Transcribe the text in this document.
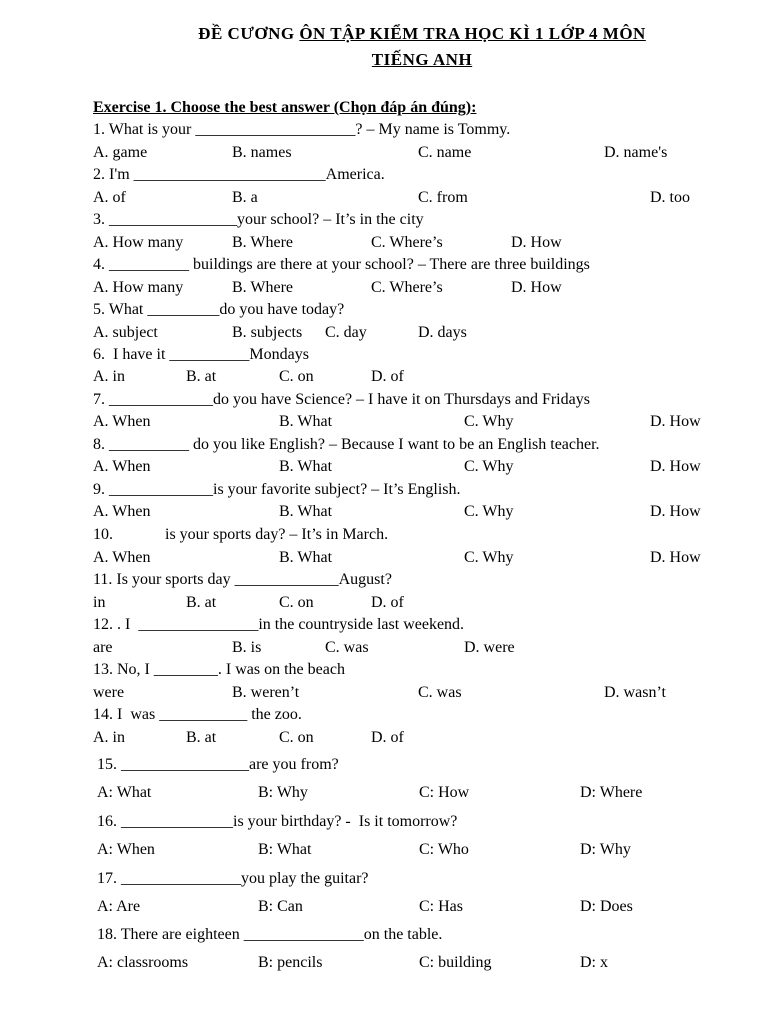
ĐỀ CƯƠNG ÔN TẬP KIỂM TRA HỌC KÌ 1 LỚP 4 MÔN
TIẾNG ANH
Exercise 1. Choose the best answer (Chọn đáp án đúng):
1. What is your ____________________? – My name is Tommy.
A. game	B. names	C. name	D. name's
2. I'm ________________________America.
A. of	B. a	C. from	D. too
3. ________________your school? – It’s in the city
A. How many	B. Where	C. Where’s	D. How
4. __________ buildings are there at your school? – There are three buildings
A. How many	B. Where	C. Where’s	D. How
5. What _________do you have today?
A. subject	B. subjects C. day	D. days
6.  I have it __________Mondays
A. in	B. at	C. on	D. of
7. _____________do you have Science? – I have it on Thursdays and Fridays
A. When	B. What	C. Why	D. How
8. __________ do you like English? – Because I want to be an English teacher.
A. When	B. What	C. Why	D. How
9. _____________is your favorite subject? – It’s English.
A. When	B. What	C. Why	D. How
10.             is your sports day? – It’s in March.
A. When	B. What	C. Why	D. How
11. Is your sports day _____________August?
in	B. at	C. on	D. of
12. . I  _______________in the countryside last weekend.
are	B. is	C. was	D. were
13. No, I ________. I was on the beach
were	B. weren’t	C. was	D. wasn’t
14. I  was ___________ the zoo.
A. in	B. at	C. on	D. of
15. ________________are you from?
A: What	B: Why	C: How	D: Where
16. ______________is your birthday? -  Is it tomorrow?
A: When	B: What	C: Who	D: Why
17. _______________you play the guitar?
A: Are	B: Can	C: Has	D: Does
18. There are eighteen _______________on the table.
A: classrooms	B: pencils	C: building	D: x
